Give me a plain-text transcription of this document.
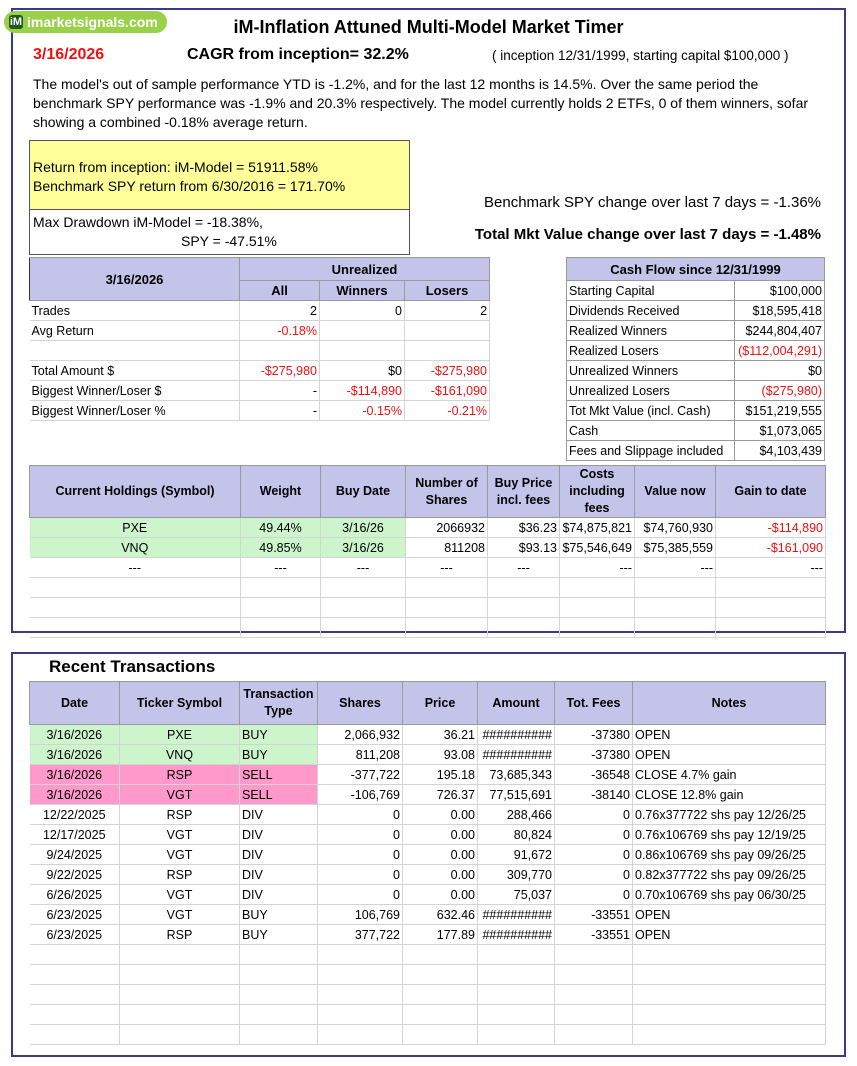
iM imarketsignals.com	iM-Inflation Attuned Multi-Model Market Timer
3/16/2026	CAGR from inception= 32.2%	( inception 12/31/1999, starting capital $100,000 )
The model's out of sample performance YTD is -1.2%, and for the last 12 months is 14.5%. Over the same period the benchmark SPY performance was -1.9% and 20.3% respectively. The model currently holds 2 ETFs, 0 of them winners, sofar showing a combined -0.18% average return.
Return from inception: iM-Model = 51911.58%
Benchmark SPY return from 6/30/2016 = 171.70%
Max Drawdown iM-Model = -18.38%,
SPY = -47.51%
Benchmark SPY change over last 7 days = -1.36%
Total Mkt Value change over last 7 days = -1.48%
3/16/2026	Unrealized		
	All	Winners	Losers
Trades	2	0	2
Avg Return	-0.18%		

Total Amount $	-$275,980	$0	-$275,980
Biggest Winner/Loser $	-	-$114,890	-$161,090
Biggest Winner/Loser %	-	-0.15%	-0.21%
Cash Flow since 12/31/1999	
Starting Capital	$100,000
Dividends Received	$18,595,418
Realized Winners	$244,804,407
Realized Losers	($112,004,291)
Unrealized Winners	$0
Unrealized Losers	($275,980)
Tot Mkt Value (incl. Cash)	$151,219,555
Cash	$1,073,065
Fees and Slippage included	$4,103,439
Current Holdings (Symbol)	Weight	Buy Date	Number of Shares	Buy Price incl. fees	Costs including fees	Value now	Gain to date
PXE	49.44%	3/16/26	2066932	$36.23	$74,875,821	$74,760,930	-$114,890
VNQ	49.85%	3/16/26	811208	$93.13	$75,546,649	$75,385,559	-$161,090
---	---	---	---	---	---	---	---

Recent Transactions
Date	Ticker Symbol	Transaction Type	Shares	Price	Amount	Tot. Fees	Notes
3/16/2026	PXE	BUY	2,066,932	36.21	##########	-37380	OPEN
3/16/2026	VNQ	BUY	811,208	93.08	##########	-37380	OPEN
3/16/2026	RSP	SELL	-377,722	195.18	73,685,343	-36548	CLOSE 4.7% gain
3/16/2026	VGT	SELL	-106,769	726.37	77,515,691	-38140	CLOSE 12.8% gain
12/22/2025	RSP	DIV	0	0.00	288,466	0	0.76x377722 shs pay 12/26/25
12/17/2025	VGT	DIV	0	0.00	80,824	0	0.76x106769 shs pay 12/19/25
9/24/2025	VGT	DIV	0	0.00	91,672	0	0.86x106769 shs pay 09/26/25
9/22/2025	RSP	DIV	0	0.00	309,770	0	0.82x377722 shs pay 09/26/25
6/26/2025	VGT	DIV	0	0.00	75,037	0	0.70x106769 shs pay 06/30/25
6/23/2025	VGT	BUY	106,769	632.46	##########	-33551	OPEN
6/23/2025	RSP	BUY	377,722	177.89	##########	-33551	OPEN
